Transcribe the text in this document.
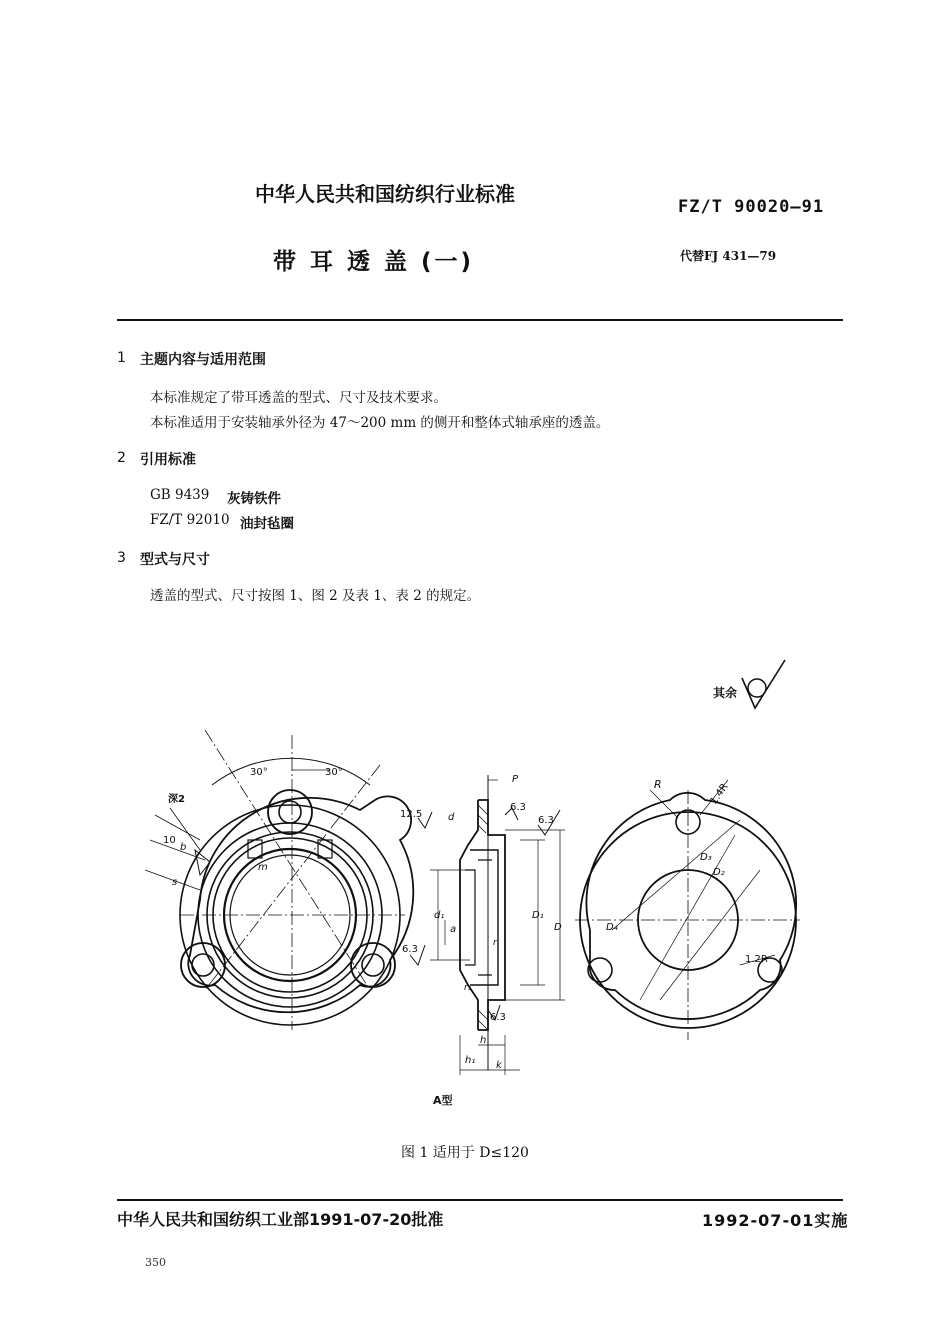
中华人民共和国纺织行业标准
FZ/T 90020—91
带 耳 透 盖 (一)	代替FJ 431—79
1 主题内容与适用范围
本标准规定了带耳透盖的型式、尺寸及技术要求。
本标准适用于安装轴承外径为 47～200 mm 的侧开和整体式轴承座的透盖。
2 引用标准
GB 9439 灰铸铁件
FZ/T 92010 油封毡圈
3 型式与尺寸
透盖的型式、尺寸按图 1、图 2 及表 1、表 2 的规定。
其余
30°	30°
深2
10
b
s
m
12.5
P
d
6.3
6.3
d₁
a
D₁
D
6.3
r
r₁
6.3
h
h₁ k
R	1.4R
D₃
D₂
D₄
1.2R
A型
图 1 适用于 D≤120
中华人民共和国纺织工业部1991-07-20批准	1992-07-01实施
350
